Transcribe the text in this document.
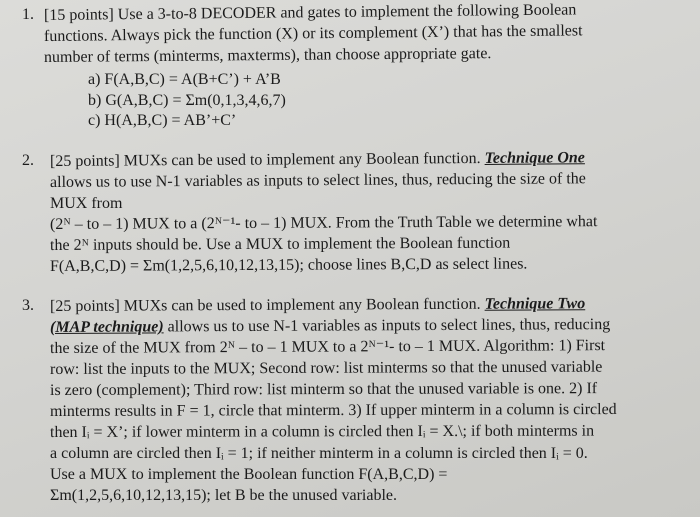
1. [15 points] Use a 3-to-8 DECODER and gates to implement the following Boolean
functions. Always pick the function (X) or its complement (X’) that has the smallest
number of terms (minterms, maxterms), than choose appropriate gate.
a) F(A,B,C) = A(B+C’) + A’B
b) G(A,B,C) = Σm(0,1,3,4,6,7)
c) H(A,B,C) = AB’+C’
2. [25 points] MUXs can be used to implement any Boolean function. Technique One
allows us to use N-1 variables as inputs to select lines, thus, reducing the size of the
MUX from
(2ᴺ – to – 1) MUX to a (2ᴺ⁻¹- to – 1) MUX. From the Truth Table we determine what
the 2ᴺ inputs should be. Use a MUX to implement the Boolean function
F(A,B,C,D) = Σm(1,2,5,6,10,12,13,15); choose lines B,C,D as select lines.
3. [25 points] MUXs can be used to implement any Boolean function. Technique Two
(MAP technique) allows us to use N-1 variables as inputs to select lines, thus, reducing
the size of the MUX from 2ᴺ – to – 1 MUX to a 2ᴺ⁻¹- to – 1 MUX. Algorithm: 1) First
row: list the inputs to the MUX; Second row: list minterms so that the unused variable
is zero (complement); Third row: list minterm so that the unused variable is one. 2) If
minterms results in F = 1, circle that minterm. 3) If upper minterm in a column is circled
then Iᵢ = X’; if lower minterm in a column is circled then Iᵢ = X.\; if both minterms in
a column are circled then Iᵢ = 1; if neither minterm in a column is circled then Iᵢ = 0.
Use a MUX to implement the Boolean function F(A,B,C,D) =
Σm(1,2,5,6,10,12,13,15); let B be the unused variable.
